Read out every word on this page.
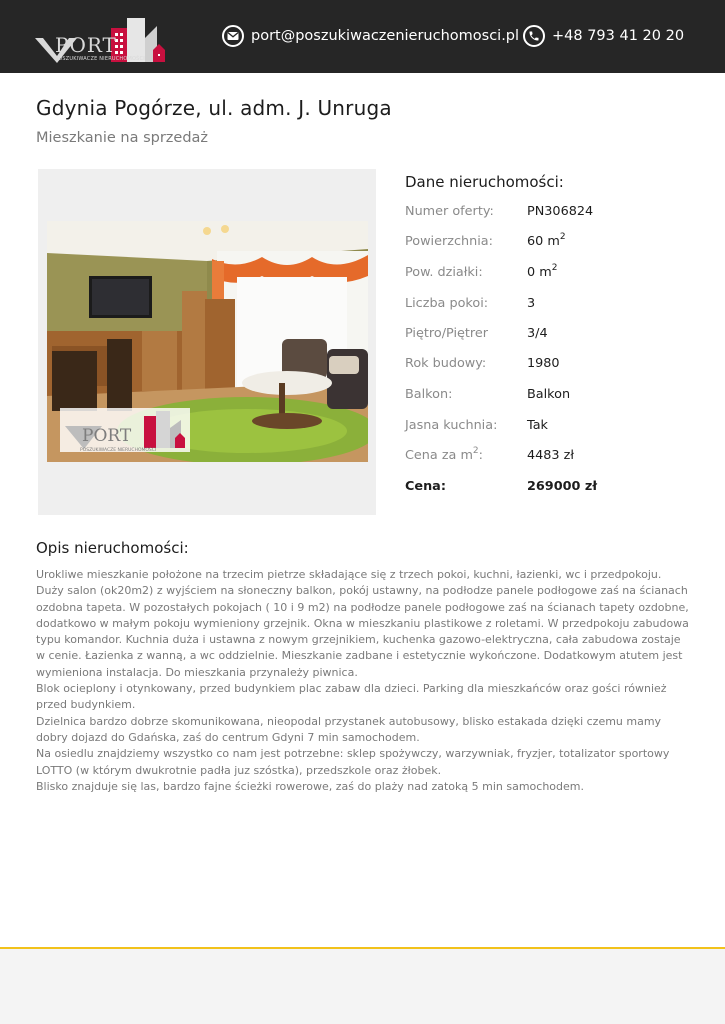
PORT
POSZUKIWACZE NIERUCHOMOŚCI
port@poszukiwaczenieruchomosci.pl +48 793 41 20 20
Gdynia Pogórze, ul. adm. J. Unruga
Mieszkanie na sprzedaż
PORT
POSZUKIWACZE NIERUCHOMOŚCI
Dane nieruchomości:
Numer oferty:	PN306824
Powierzchnia:	60 $m^2$
Pow. działki:	0 $m^2$
Liczba pokoi:	3
Piętro/Piętrer	3/4
Rok budowy:	1980
Balkon:	Balkon
Jasna kuchnia: Tak
Cena za $m^2$:	4483 zł
Cena:	269000 zł
Opis nieruchomości:

Urokliwe mieszkanie położone na trzecim pietrze składające się z trzech pokoi, kuchni, łazienki, wc i przedpokoju. Duży salon (ok20m2) z wyjściem na słoneczny balkon, pokój ustawny, na podłodze panele podłogowe zaś na ścianach ozdobna tapeta. W pozostałych pokojach ( 10 i 9 m2) na podłodze panele podłogowe zaś na ścianach tapety ozdobne, dodatkowo w małym pokoju wymieniony grzejnik. Okna w mieszkaniu plastikowe z roletami. W przedpokoju zabudowa typu komandor. Kuchnia duża i ustawna z nowym grzejnikiem, kuchenka gazowo-elektryczna, cała zabudowa zostaje w cenie. Łazienka z wanną, a wc oddzielnie. Mieszkanie zadbane i estetycznie wykończone. Dodatkowym atutem jest wymieniona instalacja. Do mieszkania przynależy piwnica.

Blok ocieplony i otynkowany, przed budynkiem plac zabaw dla dzieci. Parking dla mieszkańców oraz gości również przed budynkiem.

Dzielnica bardzo dobrze skomunikowana, nieopodal przystanek autobusowy, blisko estakada dzięki czemu mamy dobry dojazd do Gdańska, zaś do centrum Gdyni 7 min samochodem.

Na osiedlu znajdziemy wszystko co nam jest potrzebne: sklep spożywczy, warzywniak, fryzjer, totalizator sportowy LOTTO (w którym dwukrotnie padła juz szóstka), przedszkole oraz żłobek.

Blisko znajduje się las, bardzo fajne ścieżki rowerowe, zaś do plaży nad zatoką 5 min samochodem.
